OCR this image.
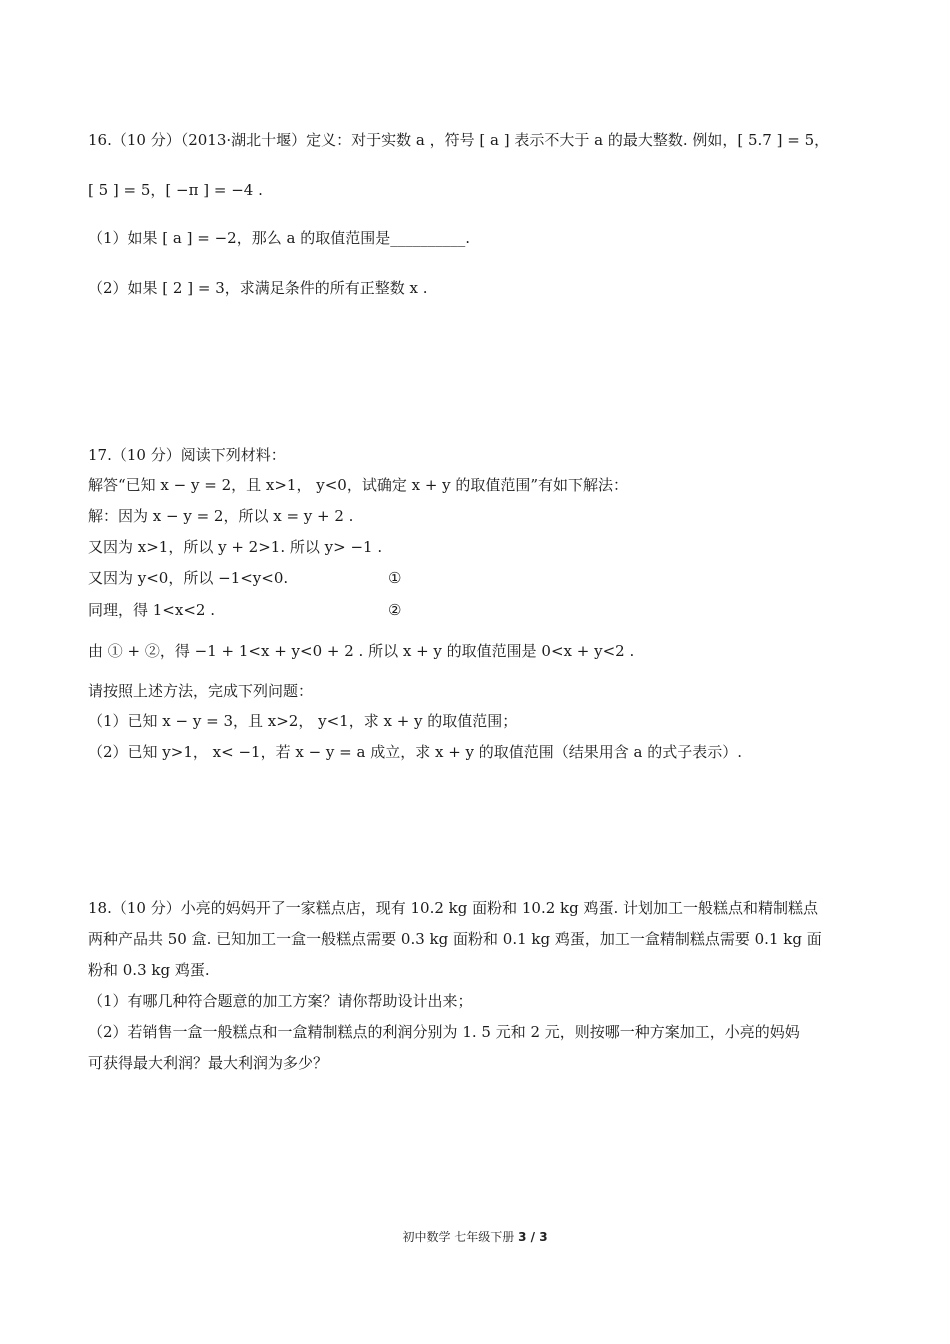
16.（10 分）（2013·湖北十堰）定义：对于实数 a ，符号 [ a ] 表示不大于 a 的最大整数. 例如，[ 5.7 ] = 5，
[ 5 ] = 5，[ −π ] = −4 .
（1）如果 [ a ] = −2，那么 a 的取值范围是__________.
（2）如果 [ 2 ] = 3，求满足条件的所有正整数 x .
17.（10 分）阅读下列材料：
解答“已知 x − y = 2，且 x>1， y<0，试确定 x + y 的取值范围”有如下解法：
解：因为 x − y = 2，所以 x = y + 2 .
又因为 x>1，所以 y + 2>1. 所以 y> −1 .
又因为 y<0，所以 −1<y<0.	①
同理，得 1<x<2 .	②
由 ① + ②，得 −1 + 1<x + y<0 + 2 . 所以 x + y 的取值范围是 0<x + y<2 .
请按照上述方法，完成下列问题：
（1）已知 x − y = 3，且 x>2， y<1，求 x + y 的取值范围；
（2）已知 y>1， x< −1，若 x − y = a 成立，求 x + y 的取值范围（结果用含 a 的式子表示）.
18.（10 分）小亮的妈妈开了一家糕点店，现有 10.2 kg 面粉和 10.2 kg 鸡蛋. 计划加工一般糕点和精制糕点
两种产品共 50 盒. 已知加工一盒一般糕点需要 0.3 kg 面粉和 0.1 kg 鸡蛋，加工一盒精制糕点需要 0.1 kg 面
粉和 0.3 kg 鸡蛋.
（1）有哪几种符合题意的加工方案？请你帮助设计出来；
（2）若销售一盒一般糕点和一盒精制糕点的利润分别为 1. 5 元和 2 元，则按哪一种方案加工，小亮的妈妈
可获得最大利润？最大利润为多少？
初中数学 七年级下册 3 / 3
